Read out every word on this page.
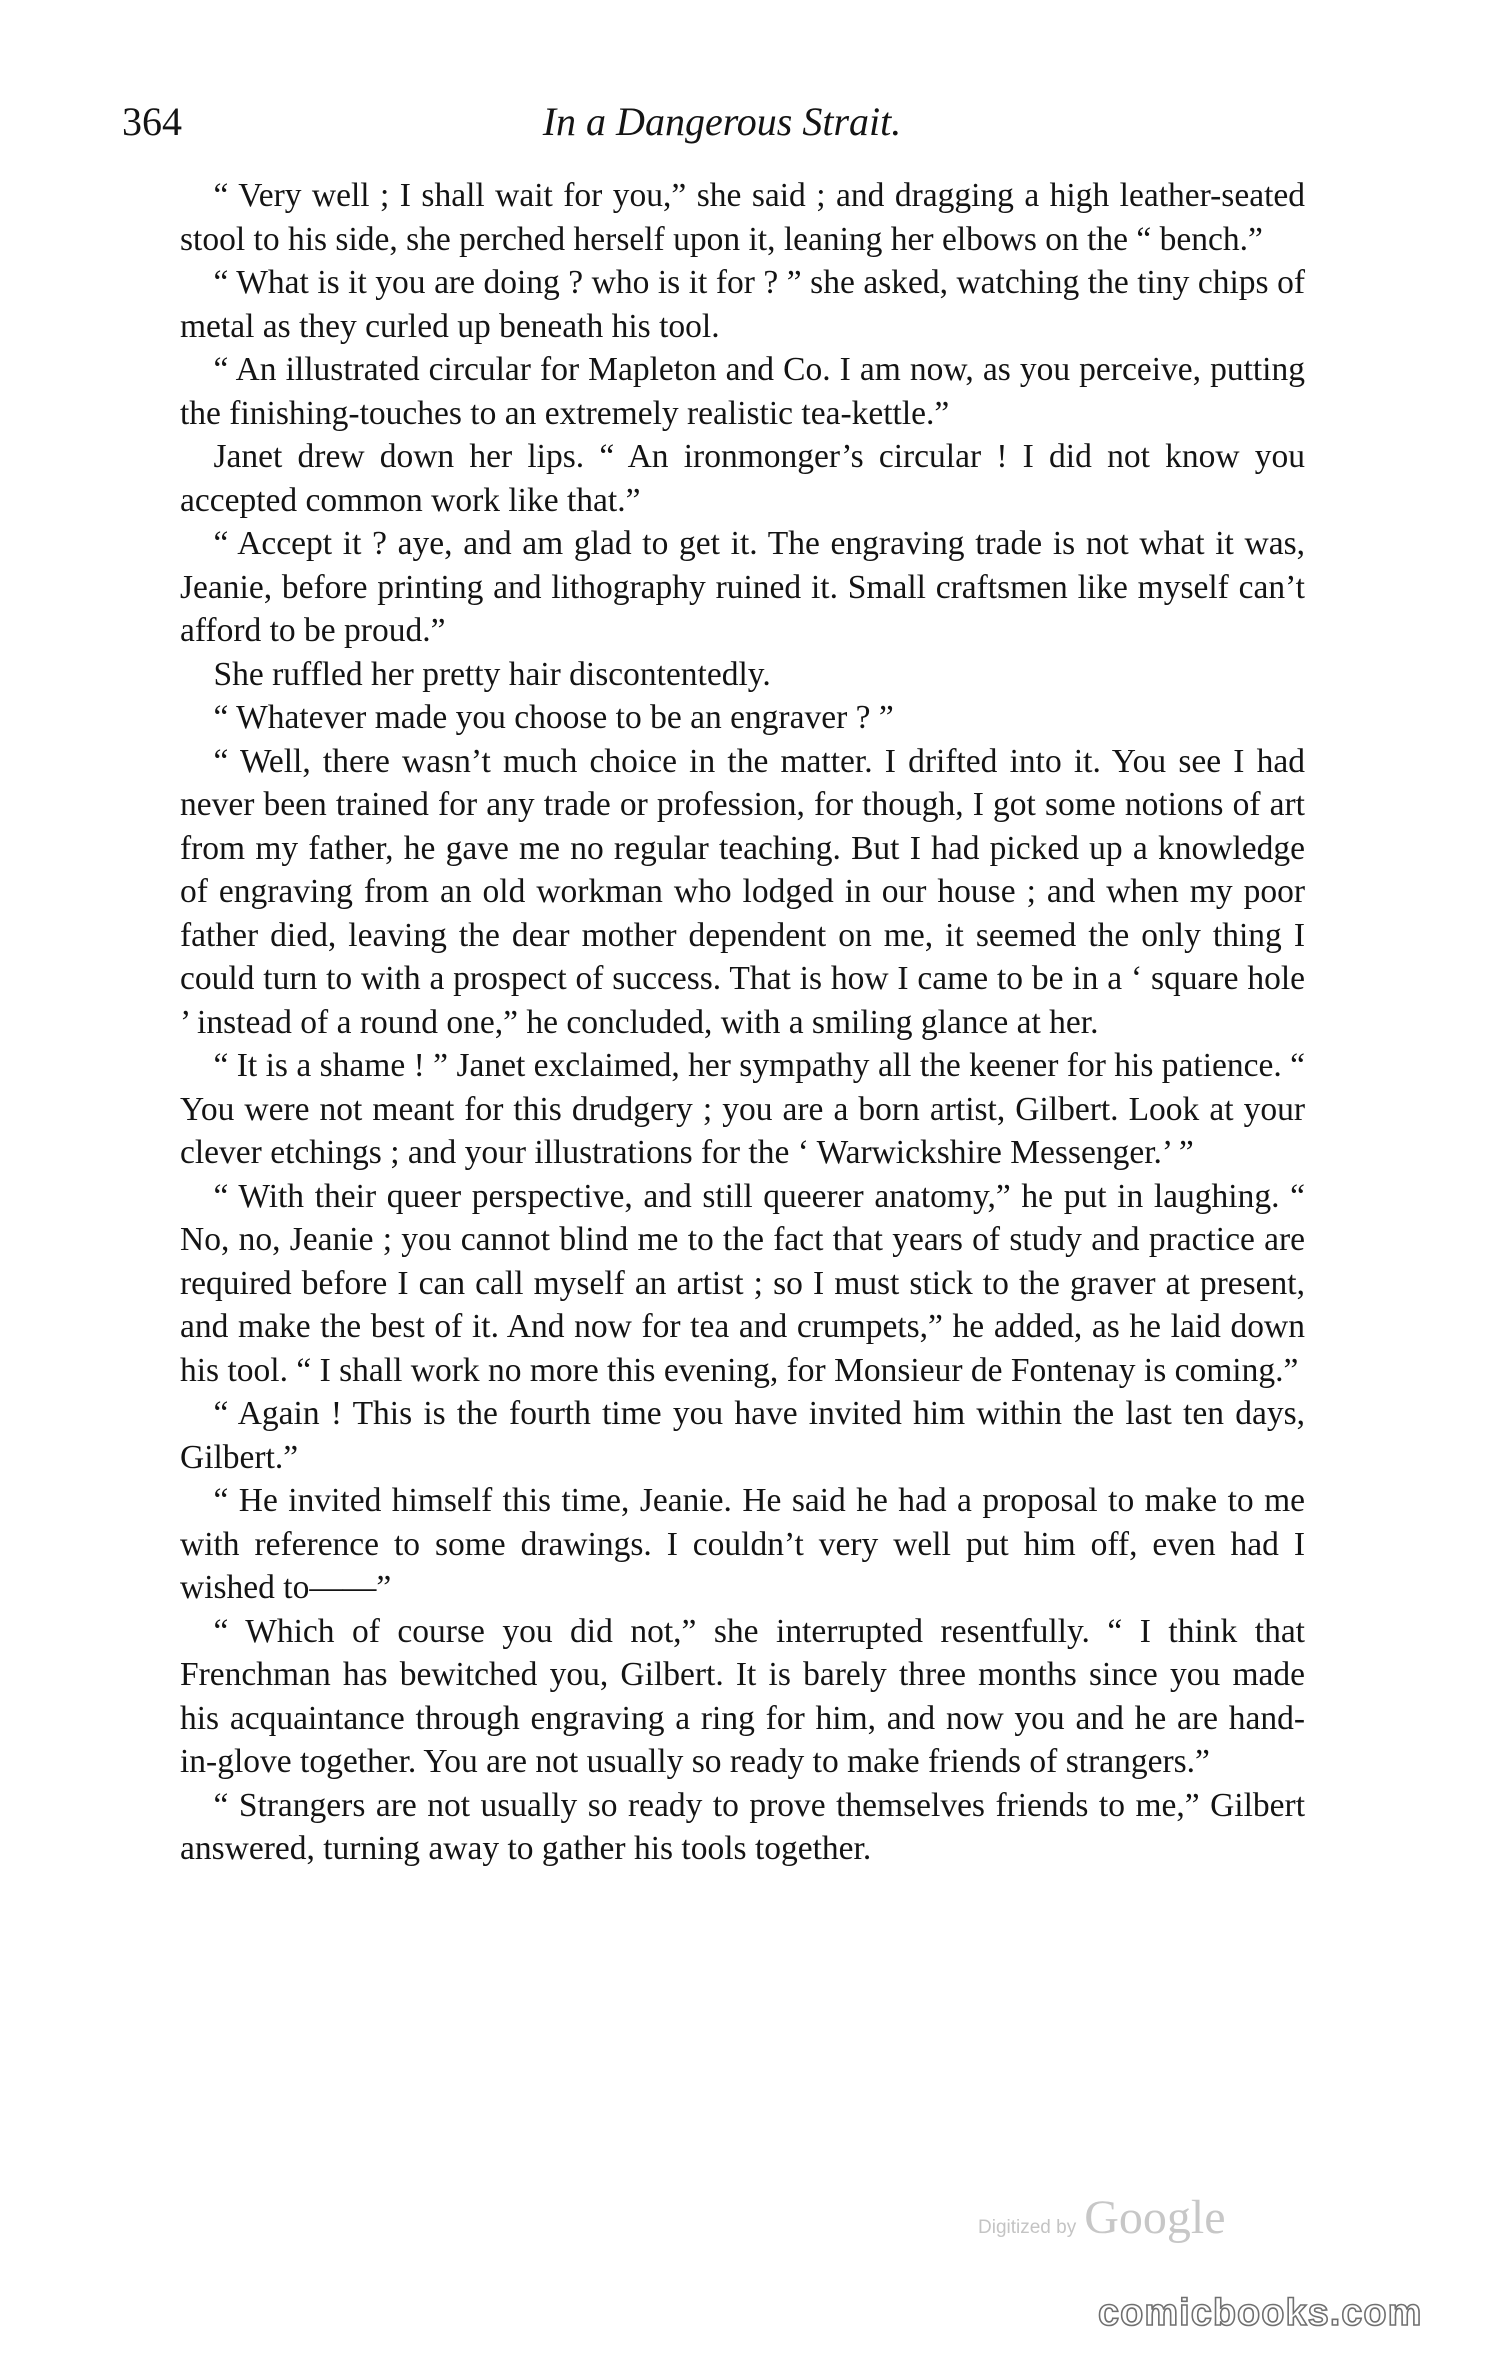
364	In a Dangerous Strait.

“ Very well ; I shall wait for you,” she said ; and dragging a high leather-seated stool to his side, she perched herself upon it, leaning her elbows on the “ bench.”

“ What is it you are doing ? who is it for ? ” she asked, watching the tiny chips of metal as they curled up beneath his tool.

“ An illustrated circular for Mapleton and Co. I am now, as you perceive, putting the finishing-touches to an extremely realistic tea-kettle.”

Janet drew down her lips. “ An ironmonger’s circular ! I did not know you accepted common work like that.”

“ Accept it ? aye, and am glad to get it. The engraving trade is not what it was, Jeanie, before printing and lithography ruined it. Small craftsmen like myself can’t afford to be proud.”

She ruffled her pretty hair discontentedly.

“ Whatever made you choose to be an engraver ? ”

“ Well, there wasn’t much choice in the matter. I drifted into it. You see I had never been trained for any trade or profession, for though, I got some notions of art from my father, he gave me no regular teaching. But I had picked up a knowledge of engraving from an old workman who lodged in our house ; and when my poor father died, leaving the dear mother dependent on me, it seemed the only thing I could turn to with a prospect of success. That is how I came to be in a ‘ square hole ’ instead of a round one,” he concluded, with a smiling glance at her.

“ It is a shame ! ” Janet exclaimed, her sympathy all the keener for his patience. “ You were not meant for this drudgery ; you are a born artist, Gilbert. Look at your clever etchings ; and your illustrations for the ‘ Warwickshire Messenger.’ ”

“ With their queer perspective, and still queerer anatomy,” he put in laughing. “ No, no, Jeanie ; you cannot blind me to the fact that years of study and practice are required before I can call myself an artist ; so I must stick to the graver at present, and make the best of it. And now for tea and crumpets,” he added, as he laid down his tool. “ I shall work no more this evening, for Monsieur de Fontenay is coming.”

“ Again ! This is the fourth time you have invited him within the last ten days, Gilbert.”

“ He invited himself this time, Jeanie. He said he had a proposal to make to me with reference to some drawings. I couldn’t very well put him off, even had I wished to——”

“ Which of course you did not,” she interrupted resentfully. “ I think that Frenchman has bewitched you, Gilbert. It is barely three months since you made his acquaintance through engraving a ring for him, and now you and he are hand-in-glove together. You are not usually so ready to make friends of strangers.”

“ Strangers are not usually so ready to prove themselves friends to me,” Gilbert answered, turning away to gather his tools together.

Digitized by Google
comicbooks.com
